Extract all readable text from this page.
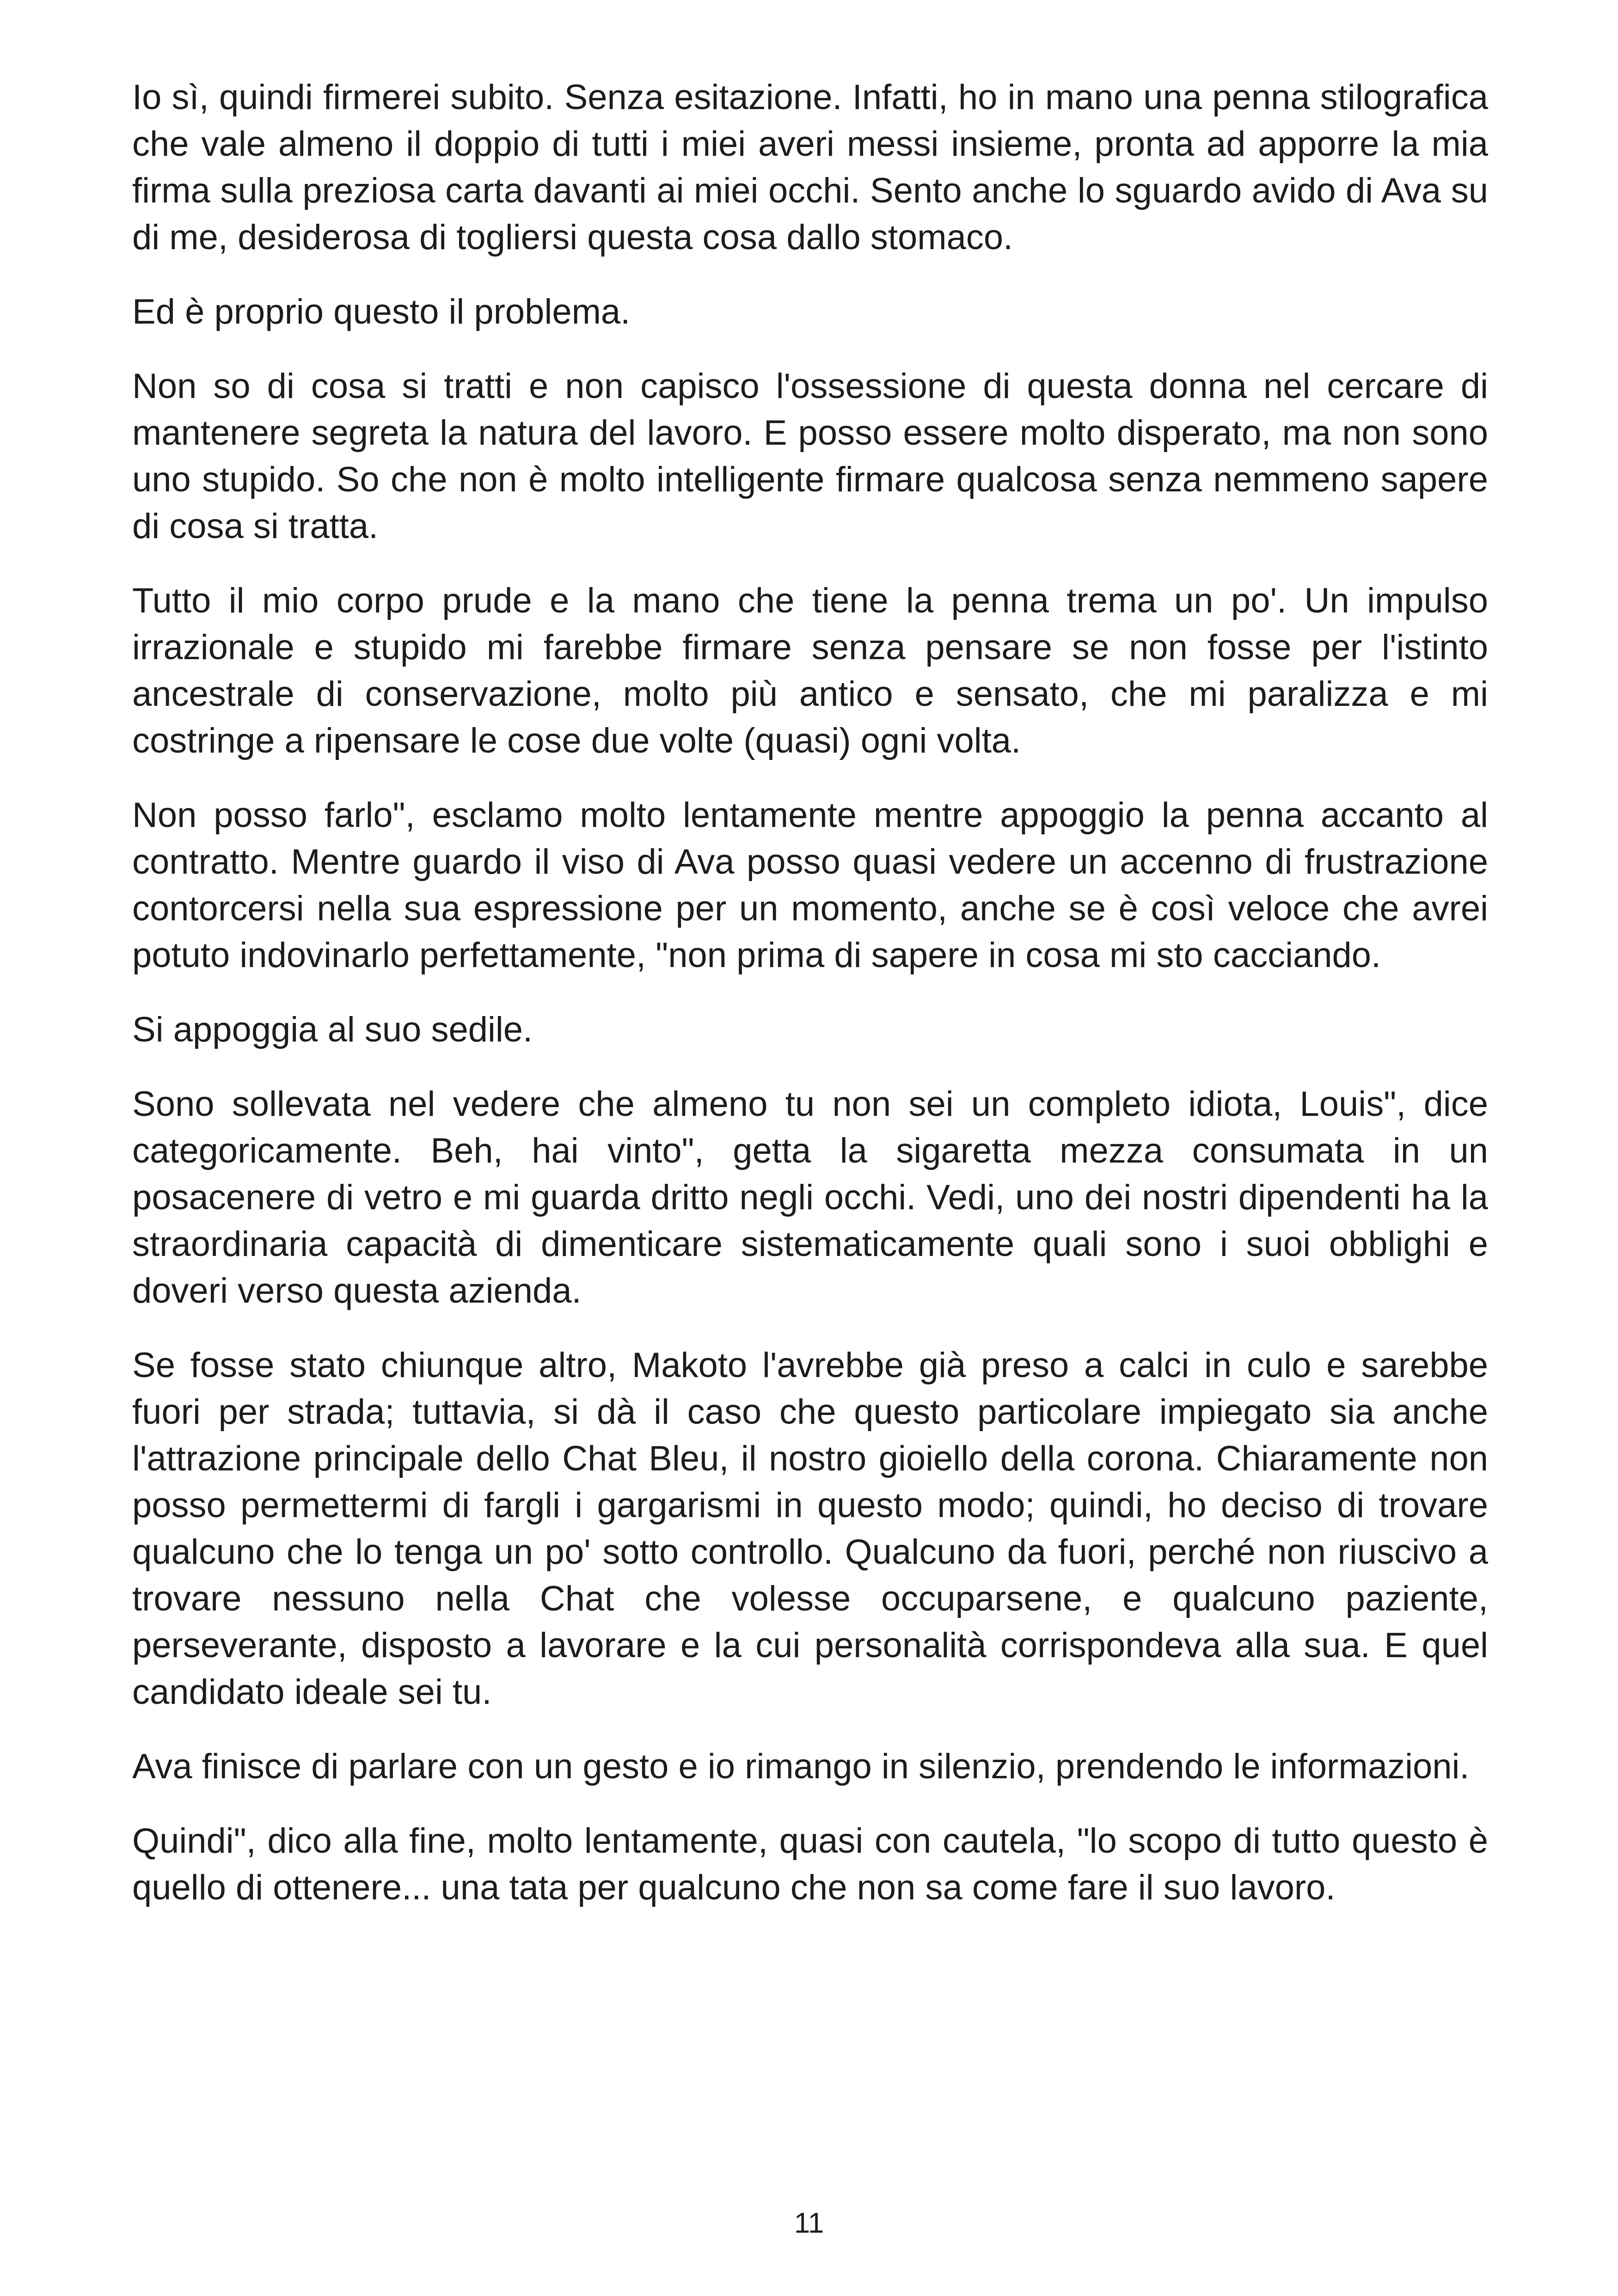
Io sì, quindi firmerei subito. Senza esitazione. Infatti, ho in mano una penna stilografica che vale almeno il doppio di tutti i miei averi messi insieme, pronta ad apporre la mia firma sulla preziosa carta davanti ai miei occhi. Sento anche lo sguardo avido di Ava su di me, desiderosa di togliersi questa cosa dallo stomaco.

Ed è proprio questo il problema.

Non so di cosa si tratti e non capisco l'ossessione di questa donna nel cercare di mantenere segreta la natura del lavoro. E posso essere molto disperato, ma non sono uno stupido. So che non è molto intelligente firmare qualcosa senza nemmeno sapere di cosa si tratta.

Tutto il mio corpo prude e la mano che tiene la penna trema un po'. Un impulso irrazionale e stupido mi farebbe firmare senza pensare se non fosse per l'istinto ancestrale di conservazione, molto più antico e sensato, che mi paralizza e mi costringe a ripensare le cose due volte (quasi) ogni volta.

Non posso farlo", esclamo molto lentamente mentre appoggio la penna accanto al contratto. Mentre guardo il viso di Ava posso quasi vedere un accenno di frustrazione contorcersi nella sua espressione per un momento, anche se è così veloce che avrei potuto indovinarlo perfettamente, "non prima di sapere in cosa mi sto cacciando.

Si appoggia al suo sedile.

Sono sollevata nel vedere che almeno tu non sei un completo idiota, Louis", dice categoricamente. Beh, hai vinto", getta la sigaretta mezza consumata in un posacenere di vetro e mi guarda dritto negli occhi. Vedi, uno dei nostri dipendenti ha la straordinaria capacità di dimenticare sistematicamente quali sono i suoi obblighi e doveri verso questa azienda.

Se fosse stato chiunque altro, Makoto l'avrebbe già preso a calci in culo e sarebbe fuori per strada; tuttavia, si dà il caso che questo particolare impiegato sia anche l'attrazione principale dello Chat Bleu, il nostro gioiello della corona. Chiaramente non posso permettermi di fargli i gargarismi in questo modo; quindi, ho deciso di trovare qualcuno che lo tenga un po' sotto controllo. Qualcuno da fuori, perché non riuscivo a trovare nessuno nella Chat che volesse occuparsene, e qualcuno paziente, perseverante, disposto a lavorare e la cui personalità corrispondeva alla sua. E quel candidato ideale sei tu.

Ava finisce di parlare con un gesto e io rimango in silenzio, prendendo le informazioni.

Quindi", dico alla fine, molto lentamente, quasi con cautela, "lo scopo di tutto questo è quello di ottenere... una tata per qualcuno che non sa come fare il suo lavoro.

11
